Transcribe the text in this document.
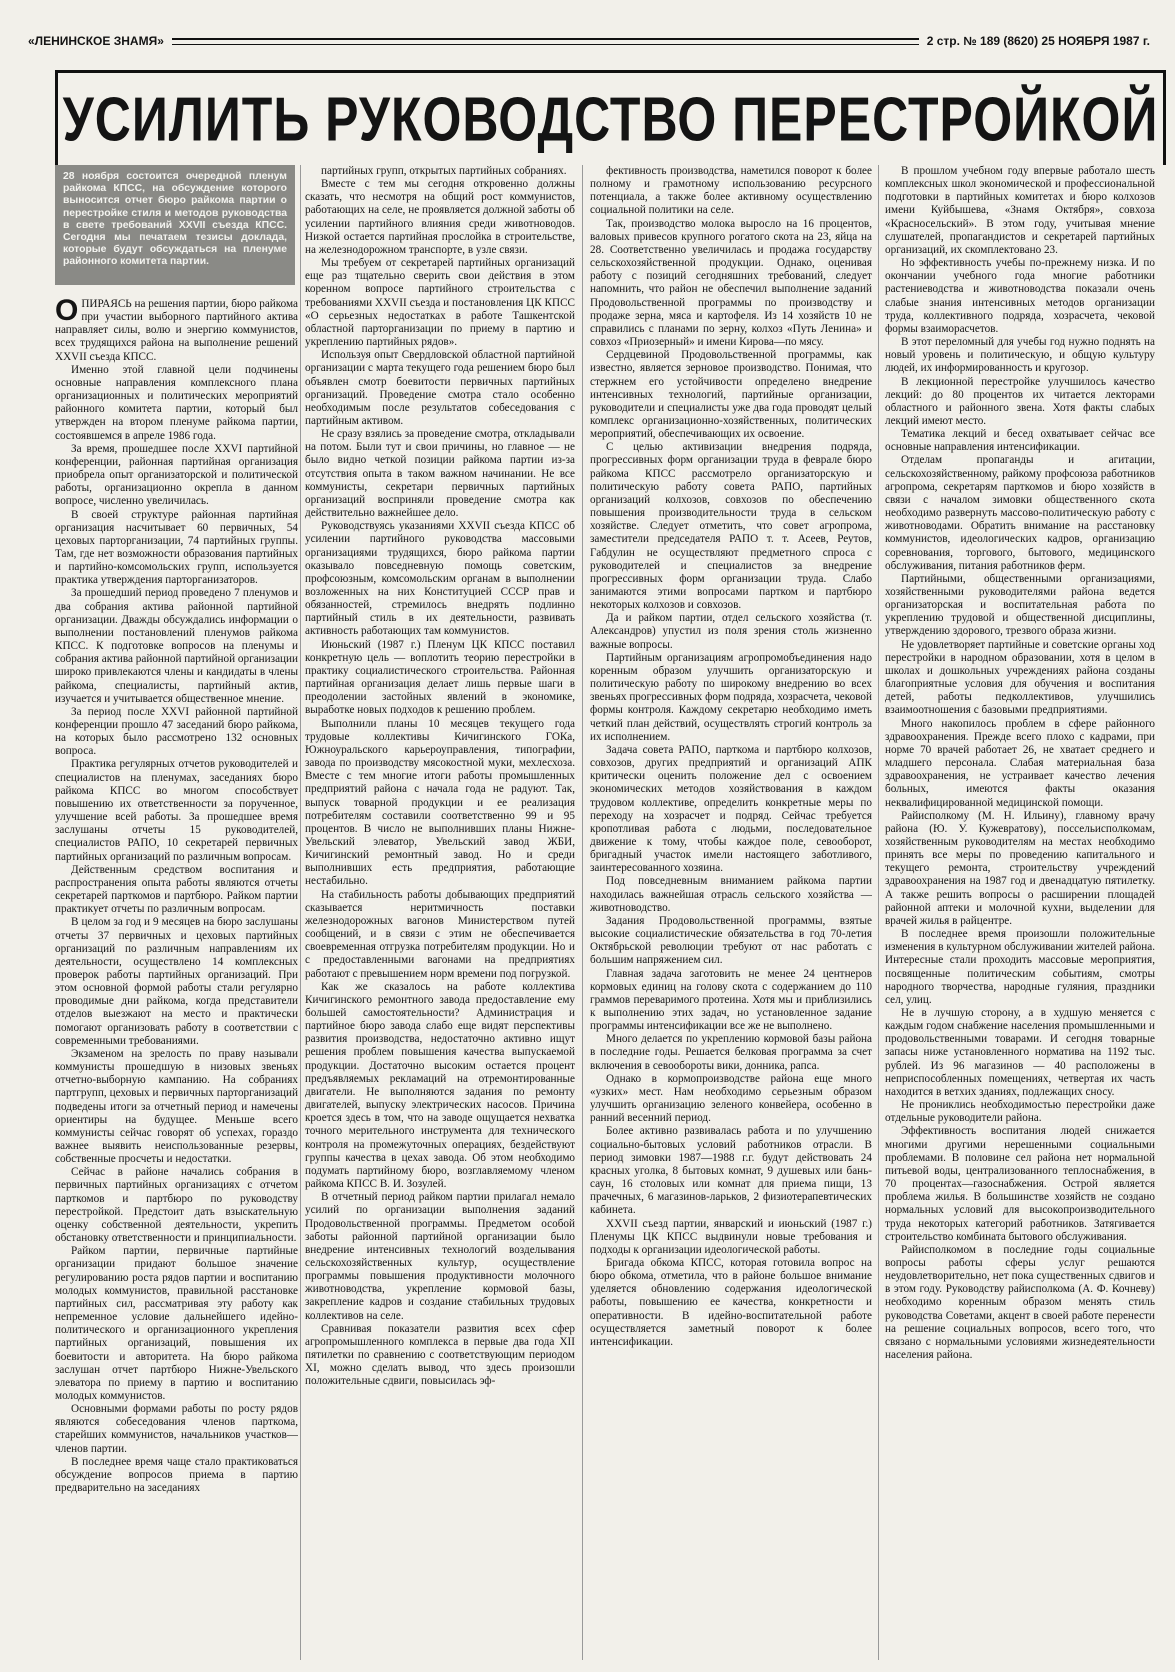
«ЛЕНИНСКОЕ ЗНАМЯ»	2 стр. № 189 (8620) 25 НОЯБРЯ 1987 г.
УСИЛИТЬ РУКОВОДСТВО ПЕРЕСТРОЙКОЙ
28 ноября состоится очередной пленум райкома КПСС, на обсуждение которого выносится отчет бюро райкома партии о перестройке стиля и методов руководства в свете требований XXVII съезда КПСС. Сегодня мы печатаем тезисы доклада, которые будут обсуждаться на пленуме районного комитета партии.

ОПИРАЯСЬ на решения партии, бюро райкома при участии выборного партийного актива направляет силы, волю и энергию коммунистов, всех трудящихся района на выполнение решений XXVII съезда КПСС.

Именно этой главной цели подчинены основные направления комплексного плана организационных и политических мероприятий районного комитета партии, который был утвержден на втором пленуме райкома партии, состоявшемся в апреле 1986 года.

За время, прошедшее после XXVI партийной конференции, районная партийная организация приобрела опыт организаторской и политической работы, организационно окрепла в данном вопросе, численно увеличилась.

В своей структуре районная партийная организация насчитывает 60 первичных, 54 цеховых парторганизации, 74 партийных группы. Там, где нет возможности образования партийных и партийно-комсомольских групп, используется практика утверждения парторганизаторов.

За прошедший период проведено 7 пленумов и два собрания актива районной партийной организации. Дважды обсуждались информации о выполнении постановлений пленумов райкома КПСС. К подготовке вопросов на пленумы и собрания актива районной партийной организации широко привлекаются члены и кандидаты в члены райкома, специалисты, партийный актив, изучается и учитывается общественное мнение.

За период после XXVI районной партийной конференции прошло 47 заседаний бюро райкома, на которых было рассмотрено 132 основных вопроса.

Практика регулярных отчетов руководителей и специалистов на пленумах, заседаниях бюро райкома КПСС во многом способствует повышению их ответственности за порученное, улучшение всей работы. За прошедшее время заслушаны отчеты 15 руководителей, специалистов РАПО, 10 секретарей первичных партийных организаций по различным вопросам.

Действенным средством воспитания и распространения опыта работы являются отчеты секретарей парткомов и партбюро. Райком партии практикует отчеты по различным вопросам.

В целом за год и 9 месяцев на бюро заслушаны отчеты 37 первичных и цеховых партийных организаций по различным направлениям их деятельности, осуществлено 14 комплексных проверок работы партийных организаций. При этом основной формой работы стали регулярно проводимые дни райкома, когда представители отделов выезжают на место и практически помогают организовать работу в соответствии с современными требованиями.

Экзаменом на зрелость по праву называли коммунисты прошедшую в низовых звеньях отчетно-выборную кампанию. На собраниях партгрупп, цеховых и первичных парторганизаций подведены итоги за отчетный период и намечены ориентиры на будущее. Меньше всего коммунисты сейчас говорят об успехах, гораздо важнее выявить неиспользованные резервы, собственные просчеты и недостатки.

Сейчас в районе начались собрания в первичных партийных организациях с отчетом парткомов и партбюро по руководству перестройкой. Предстоит дать взыскательную оценку собственной деятельности, укрепить обстановку ответственности и принципиальности.

Райком партии, первичные партийные организации придают большое значение регулированию роста рядов партии и воспитанию молодых коммунистов, правильной расстановке партийных сил, рассматривая эту работу как непременное условие дальнейшего идейно-политического и организационного укрепления партийных организаций, повышения их боевитости и авторитета. На бюро райкома заслушан отчет партбюро Нижне-Увельского элеватора по приему в партию и воспитанию молодых коммунистов.

Основными формами работы по росту рядов являются собеседования членов парткома, старейших коммунистов, начальников участков—членов партии.

В последнее время чаще стало практиковаться обсуждение вопросов приема в партию предварительно на заседаниях

партийных групп, открытых партийных собраниях.

Вместе с тем мы сегодня откровенно должны сказать, что несмотря на общий рост коммунистов, работающих на селе, не проявляется должной заботы об усилении партийного влияния среди животноводов. Низкой остается партийная прослойка в строительстве, на железнодорожном транспорте, в узле связи.

Мы требуем от секретарей партийных организаций еще раз тщательно сверить свои действия в этом коренном вопросе партийного строительства с требованиями XXVII съезда и постановления ЦК КПСС «О серьезных недостатках в работе Ташкентской областной парторганизации по приему в партию и укреплению партийных рядов».

Используя опыт Свердловской областной партийной организации с марта текущего года решением бюро был объявлен смотр боевитости первичных партийных организаций. Проведение смотра стало особенно необходимым после результатов собеседования с партийным активом.

Не сразу взялись за проведение смотра, откладывали на потом. Были тут и свои причины, но главное — не было видно четкой позиции райкома партии из-за отсутствия опыта в таком важном начинании. Не все коммунисты, секретари первичных партийных организаций восприняли проведение смотра как действительно важнейшее дело.

Руководствуясь указаниями XXVII съезда КПСС об усилении партийного руководства массовыми организациями трудящихся, бюро райкома партии оказывало повседневную помощь советским, профсоюзным, комсомольским органам в выполнении возложенных на них Конституцией СССР прав и обязанностей, стремилось внедрять подлинно партийный стиль в их деятельности, развивать активность работающих там коммунистов.

Июньский (1987 г.) Пленум ЦК КПСС поставил конкретную цель — воплотить теорию перестройки в практику социалистического строительства. Районная партийная организация делает лишь первые шаги в преодолении застойных явлений в экономике, выработке новых подходов к решению проблем.

Выполнили планы 10 месяцев текущего года трудовые коллективы Кичигинского ГОКа, Южноуральского карьероуправления, типографии, завода по производству мясокостной муки, мехлесхоза. Вместе с тем многие итоги работы промышленных предприятий района с начала года не радуют. Так, выпуск товарной продукции и ее реализация потребителям составили соответственно 99 и 95 процентов. В число не выполнивших планы Нижне-Увельский элеватор, Увельский завод ЖБИ, Кичигинский ремонтный завод. Но и среди выполнивших есть предприятия, работающие нестабильно.

На стабильность работы добывающих предприятий сказывается неритмичность поставки железнодорожных вагонов Министерством путей сообщений, и в связи с этим не обеспечивается своевременная отгрузка потребителям продукции. Но и с предоставленными вагонами на предприятиях работают с превышением норм времени под погрузкой.

Как же сказалось на работе коллектива Кичигинского ремонтного завода предоставление ему большей самостоятельности? Администрация и партийное бюро завода слабо еще видят перспективы развития производства, недостаточно активно ищут решения проблем повышения качества выпускаемой продукции. Достаточно высоким остается процент предъявляемых рекламаций на отремонтированные двигатели. Не выполняются задания по ремонту двигателей, выпуску электрических насосов. Причина кроется здесь в том, что на заводе ощущается нехватка точного мерительного инструмента для технического контроля на промежуточных операциях, бездействуют группы качества в цехах завода. Об этом необходимо подумать партийному бюро, возглавляемому членом райкома КПСС В. И. Зозулей.

В отчетный период райком партии прилагал немало усилий по организации выполнения заданий Продовольственной программы. Предметом особой заботы районной партийной организации было внедрение интенсивных технологий возделывания сельскохозяйственных культур, осуществление программы повышения продуктивности молочного животноводства, укрепление кормовой базы, закрепление кадров и создание стабильных трудовых коллективов на селе.

Сравнивая показатели развития всех сфер агропромышленного комплекса в первые два года XII пятилетки по сравнению с соответствующим периодом XI, можно сделать вывод, что здесь произошли положительные сдвиги, повысилась эф-

фективность производства, наметился поворот к более полному и грамотному использованию ресурсного потенциала, а также более активному осуществлению социальной политики на селе.

Так, производство молока выросло на 16 процентов, валовых привесов крупного рогатого скота на 23, яйца на 28. Соответственно увеличилась и продажа государству сельскохозяйственной продукции. Однако, оценивая работу с позиций сегодняшних требований, следует напомнить, что район не обеспечил выполнение заданий Продовольственной программы по производству и продаже зерна, мяса и картофеля. Из 14 хозяйств 10 не справились с планами по зерну, колхоз «Путь Ленина» и совхоз «Приозерный» и имени Кирова—по мясу.

Сердцевиной Продовольственной программы, как известно, является зерновое производство. Понимая, что стержнем его устойчивости определено внедрение интенсивных технологий, партийные организации, руководители и специалисты уже два года проводят целый комплекс организационно-хозяйственных, политических мероприятий, обеспечивающих их освоение.

С целью активизации внедрения подряда, прогрессивных форм организации труда в феврале бюро райкома КПСС рассмотрело организаторскую и политическую работу совета РАПО, партийных организаций колхозов, совхозов по обеспечению повышения производительности труда в сельском хозяйстве. Следует отметить, что совет агропрома, заместители председателя РАПО т. т. Асеев, Реутов, Габдулин не осуществляют предметного спроса с руководителей и специалистов за внедрение прогрессивных форм организации труда. Слабо занимаются этими вопросами партком и партбюро некоторых колхозов и совхозов.

Да и райком партии, отдел сельского хозяйства (т. Александров) упустил из поля зрения столь жизненно важные вопросы.

Партийным организациям агропромобъединения надо коренным образом улучшить организаторскую и политическую работу по широкому внедрению во всех звеньях прогрессивных форм подряда, хозрасчета, чековой формы контроля. Каждому секретарю необходимо иметь четкий план действий, осуществлять строгий контроль за их исполнением.

Задача совета РАПО, парткома и партбюро колхозов, совхозов, других предприятий и организаций АПК критически оценить положение дел с освоением экономических методов хозяйствования в каждом трудовом коллективе, определить конкретные меры по переходу на хозрасчет и подряд. Сейчас требуется кропотливая работа с людьми, последовательное движение к тому, чтобы каждое поле, севооборот, бригадный участок имели настоящего заботливого, заинтересованного хозяина.

Под повседневным вниманием райкома партии находилась важнейшая отрасль сельского хозяйства — животноводство.

Задания Продовольственной программы, взятые высокие социалистические обязательства в год 70-летия Октябрьской революции требуют от нас работать с большим напряжением сил.

Главная задача заготовить не менее 24 центнеров кормовых единиц на голову скота с содержанием до 110 граммов переваримого протеина. Хотя мы и приблизились к выполнению этих задач, но установленное задание программы интенсификации все же не выполнено.

Много делается по укреплению кормовой базы района в последние годы. Решается белковая программа за счет включения в севообороты вики, донника, рапса.

Однако в кормопроизводстве района еще много «узких» мест. Нам необходимо серьезным образом улучшить организацию зеленого конвейера, особенно в ранний весенний период.

Более активно развивалась работа и по улучшению социально-бытовых условий работников отрасли. В период зимовки 1987—1988 г.г. будут действовать 24 красных уголка, 8 бытовых комнат, 9 душевых или бань-саун, 16 столовых или комнат для приема пищи, 13 прачечных, 6 магазинов-ларьков, 2 физиотерапевтических кабинета.

XXVII съезд партии, январский и июньский (1987 г.) Пленумы ЦК КПСС выдвинули новые требования и подходы к организации идеологической работы.

Бригада обкома КПСС, которая готовила вопрос на бюро обкома, отметила, что в районе большое внимание уделяется обновлению содержания идеологической работы, повышению ее качества, конкретности и оперативности. В идейно-воспитательной работе осуществляется заметный поворот к более интенсификации.

В прошлом учебном году впервые работало шесть комплексных школ экономической и профессиональной подготовки в партийных комитетах и бюро колхозов имени Куйбышева, «Знамя Октября», совхоза «Красносельский». В этом году, учитывая мнение слушателей, пропагандистов и секретарей партийных организаций, их скомплектовано 23.

Но эффективность учебы по-прежнему низка. И по окончании учебного года многие работники растениеводства и животноводства показали очень слабые знания интенсивных методов организации труда, коллективного подряда, хозрасчета, чековой формы взаиморасчетов.

В этот переломный для учебы год нужно поднять на новый уровень и политическую, и общую культуру людей, их информированность и кругозор.

В лекционной перестройке улучшилось качество лекций: до 80 процентов их читается лекторами областного и районного звена. Хотя факты слабых лекций имеют место.

Тематика лекций и бесед охватывает сейчас все основные направления интенсификации.

Отделам пропаганды и агитации, сельскохозяйственному, райкому профсоюза работников агропрома, секретарям парткомов и бюро хозяйств в связи с началом зимовки общественного скота необходимо развернуть массово-политическую работу с животноводами. Обратить внимание на расстановку коммунистов, идеологических кадров, организацию соревнования, торгового, бытового, медицинского обслуживания, питания работников ферм.

Партийными, общественными организациями, хозяйственными руководителями района ведется организаторская и воспитательная работа по укреплению трудовой и общественной дисциплины, утверждению здорового, трезвого образа жизни.

Не удовлетворяет партийные и советские органы ход перестройки в народном образовании, хотя в целом в школах и дошкольных учреждениях района созданы благоприятные условия для обучения и воспитания детей, работы педколлективов, улучшились взаимоотношения с базовыми предприятиями.

Много накопилось проблем в сфере районного здравоохранения. Прежде всего плохо с кадрами, при норме 70 врачей работает 26, не хватает среднего и младшего персонала. Слабая материальная база здравоохранения, не устраивает качество лечения больных, имеются факты оказания неквалифицированной медицинской помощи.

Райисполкому (М. Н. Ильину), главному врачу района (Ю. У. Кужевратову), поссельисполкомам, хозяйственным руководителям на местах необходимо принять все меры по проведению капитального и текущего ремонта, строительству учреждений здравоохранения на 1987 год и двенадцатую пятилетку. А также решить вопросы о расширении площадей районной аптеки и молочной кухни, выделении для врачей жилья в райцентре.

В последнее время произошли положительные изменения в культурном обслуживании жителей района. Интересные стали проходить массовые мероприятия, посвященные политическим событиям, смотры народного творчества, народные гуляния, праздники сел, улиц.

Не в лучшую сторону, а в худшую меняется с каждым годом снабжение населения промышленными и продовольственными товарами. И сегодня товарные запасы ниже установленного норматива на 1192 тыс. рублей. Из 96 магазинов — 40 расположены в неприспособленных помещениях, четвертая их часть находится в ветхих зданиях, подлежащих сносу.

Не прониклись необходимостью перестройки даже отдельные руководители района.

Эффективность воспитания людей снижается многими другими нерешенными социальными проблемами. В половине сел района нет нормальной питьевой воды, централизованного теплоснабжения, в 70 процентах—газоснабжения. Острой является проблема жилья. В большинстве хозяйств не создано нормальных условий для высокопроизводительного труда некоторых категорий работников. Затягивается строительство комбината бытового обслуживания.

Райисполкомом в последние годы социальные вопросы работы сферы услуг решаются неудовлетворительно, нет пока существенных сдвигов и в этом году. Руководству райисполкома (А. Ф. Кочневу) необходимо коренным образом менять стиль руководства Советами, акцент в своей работе перенести на решение социальных вопросов, всего того, что связано с нормальными условиями жизнедеятельности населения района.
